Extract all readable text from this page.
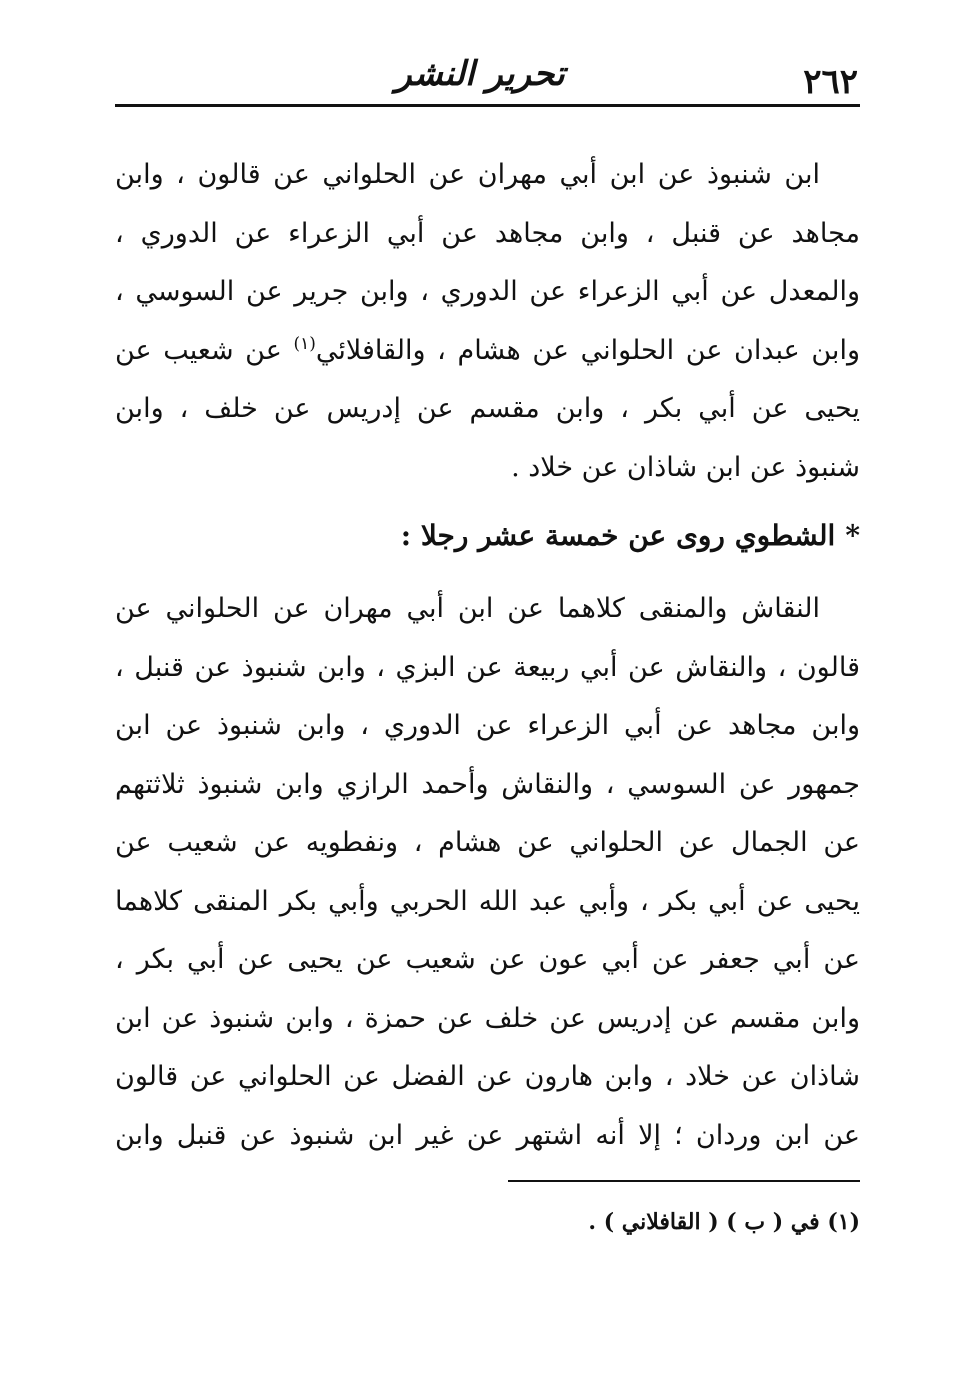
٢٦٢
تحرير النشر
ابن شنبوذ عن ابن أبي مهران عن الحلواني عن قالون ، وابن
مجاهد عن قنبل ، وابن مجاهد عن أبي الزعراء عن الدوري ،
والمعدل عن أبي الزعراء عن الدوري ، وابن جرير عن السوسي ،
وابن عبدان عن الحلواني عن هشام ، والقافلائي$^{(١)}$ عن شعيب عن
يحيى عن أبي بكر ، وابن مقسم عن إدريس عن خلف ، وابن
شنبوذ عن ابن شاذان عن خلاد .
*الشطوي روى عن خمسة عشر رجلا :
النقاش والمنقى كلاهما عن ابن أبي مهران عن الحلواني عن
قالون ، والنقاش عن أبي ربيعة عن البزي ، وابن شنبوذ عن قنبل ،
وابن مجاهد عن أبي الزعراء عن الدوري ، وابن شنبوذ عن ابن
جمهور عن السوسي ، والنقاش وأحمد الرازي وابن شنبوذ ثلاثتهم
عن الجمال عن الحلواني عن هشام ، ونفطويه عن شعيب عن
يحيى عن أبي بكر ، وأبي عبد الله الحربي وأبي بكر المنقى كلاهما
عن أبي جعفر عن أبي عون عن شعيب عن يحيى عن أبي بكر ،
وابن مقسم عن إدريس عن خلف عن حمزة ، وابن شنبوذ عن ابن
شاذان عن خلاد ، وابن هارون عن الفضل عن الحلواني عن قالون
عن ابن وردان ؛ إلا أنه اشتهر عن غير ابن شنبوذ عن قنبل وابن
(١) في ( ب ) ( القافلاني ) .
